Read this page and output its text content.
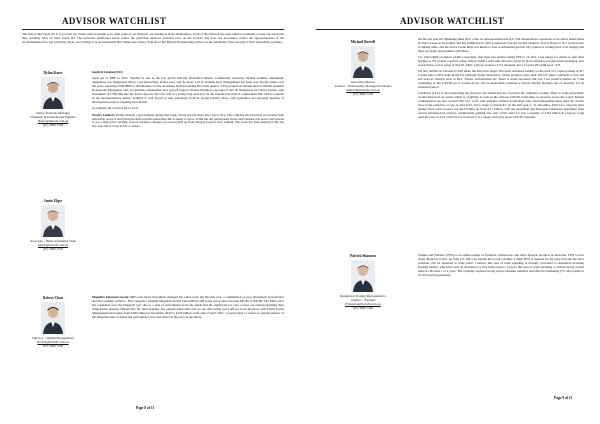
ADVISOR WATCHLIST
The aim of this watch-list is to provide our clients with an insight as to what some of our Advisors are looking at in the marketplace. Each of the advisors has been asked to nominate at least one stock that they currently have on their watch list. The securities mentioned below reflect the particular advisors' personal view on the security and does not necessarily reflect the appropriateness of the recommendation for any particular client. Accordingly it is recommended that clients seek advice from his or her Burrell Stockbroking advisor on the suitability of the security to their investment portfolio.
Dylan Kater
Senior Portfolio Manager
Domestic & International Equities
dkater@burrell.com.au
(07) 3006 7228
Jamie Elger
Associate – Head of Desking Desk
jelger@burrell.com.au
(07) 3006 7232
Robert Chan
Director – Wealth Management
RChan@burrell.com.au
(07) 3006 7228

South32 Limited (S32)

Spun out of BHP in 2015, South32 is one of the few global mid-tier diversified miners. Commodity exposures include alumina, aluminium, manganese ore, manganese alloys, coal (devesting), nickel, lead, zinc & silver. Led by Graham Kerr, management has been very fiscally astute over the years, returning US$2.8BN to shareholders via the on-market buyback during the recent quarter. YTD production remains ahead at Brazil Alumina & Australia Manganese and cost guidance maintained. Key growth projects include Hermosa, exposure to zinc & manganese for battery metals; with investment of US$1.8bn into the Taylor deposit. We view S32 as a strong long term play on the structural growth of commodities that will be required in the decarbonisation theme. South32 is well placed to take advantage from its strong balance sheet, cash generation and growing pipeline of development projects targeting base metals.

Accumulate $2 at below $3.15 level.

Worley Limited (WOR) released a good market update this week, which saw the share price rise to $12. The company has increased its revenue from renewable projects and given the shift towards renewables this is likely to grow. WOR has not participated in the latest market rise and is well placed to see a share price rerating if more evidence emerges of reversal pick up from delayed projects now coming. The stock has risen sharply in the last few days but is a buy at $11 or below.

Magellan Financial Group (MFG) the listed investment manager has taken some big hits this year, a combination of poor investment performance and the resulting outflows. The company's flagship Magellan Global Fund (MGF) still looks good value between $45.80 to $50.80. The MFG price has weakened over the Financial year due to a lack of performance from the funds and the significant fee cuts. Losses are underperforming their comparative indexes. Historically the fund manager has outperformed their and we are still seeing good inflows from investors with Funds Under Management increasing from $100 billion in December 2020 to $118 billion at the end of April 2021. I would expect a return to outperformance of the Magellan suite of funds and performance fees will reflect in the price in the future.

Page 8 of 11
ADVISOR WATCHLIST
Michael Burrell
Associate Director
Advisor – Individually Managed Portfolios
mburrell@burrell.com.au
(07) 3006 7226
Patrick Shannon
Designated Trading Representative
Advisor – Equities
PShannon@burrell.com.au
(07) 3006 7263

On the sell side I'm lightening Iluka (ILU) after its announcement that ILU will suspended its operations at its Sierra Rutile mine in Sierra Leone to November and has withdrawn its 2021 production forecast for that business. ILU is meant to be a world leader at mining rutile, and the Sierra Leone mine was meant to lead to substantial growth. My opinion is waiting hard to be singing and there are better opportunities elsewhere.

I've still bullish on Amcor (AMC) especially after their last update raising EPS to 14-19%. I see happy for clients to take their holding to 5% of their portfolio value. Amcor (AMC) still looks attractive given its more defensive revenue from packaging. Our research has a price target of $16.50, AMC will pay around a 4.5% dividend, has a forward PE estimate of 15.8.

I'm also bullish on Carsales (CAR) under the $20 price target. The stock sustained steadily on the back of a capital raising at $17 to help fund a 49% stake in the US platform Trader Interactive, which produces more than 100 US quite a platform to buy and sell non-car vehicles such as RVs, Trucks, snowmobiles etc. There is some execution risk, but I see positive themes for CAR continuing as the COVID era is wound down, and as Australians continue to favour driving holidays out of necessity for an extended period.

Lendlease (LLC) is also interesting me, however the market has not rewarded the company recently. There is some uncertainty around historical tax issues which is weighing, as well as the obvious COVID constraints on property across the world. Market commentators are also worried that LLC won't start guidance without accelerated sales. Notwithstanding these (the) the current price looks attractive at low or mid $12's. Price target is mid $14's. In the half year to 31 December 2020 LLC noted in their update 'New work secured was $4.9 billion up from $3.1 billion, with the Australian and European businesses benefiting from several infrastructure activity.' Additionally guiding was only 12.9% and LLC has a pipeline of $110 billion in projects. Long term the price of LLC will recover, however it is a longer term play given COVID restraints.

Temple and Webster (TPW) is an online retailer of furniture, homewares, and other lifestyle products in Australia. TPW is now being diluted at 9.36%, up from 2%. This can explain the recent volatility. I think TPW is unusual for the long term and the short positions will be squeezed at some point. I believe this area of retail spending is strongly correlated to Australia's booming housing market, which has seen an abundance of first home buyers. I expect this area of retail spending to remain strong on this basis for the next 1 to 2 years. The company reported strong repeat customer numbers and effective marketing (TV ads) results to its 1H result presentation.

Page 9 of 11
